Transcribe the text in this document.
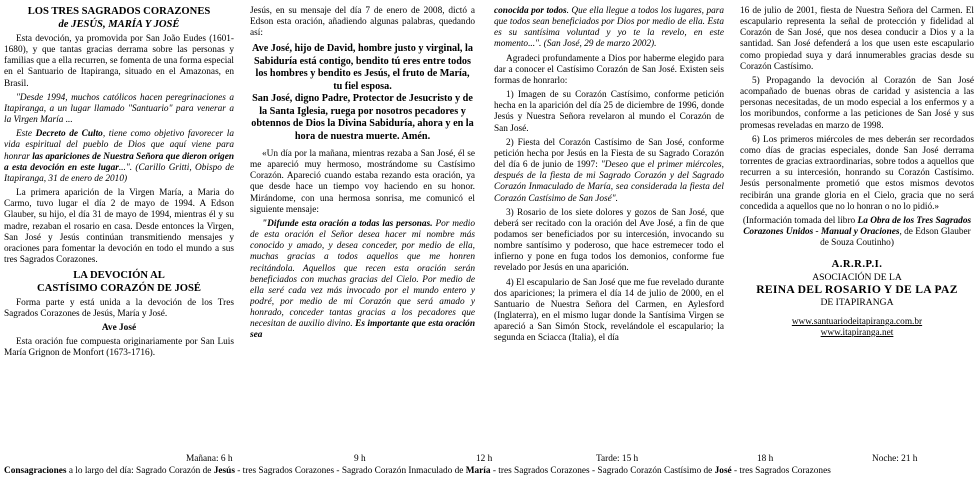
LOS TRES SAGRADOS CORAZONES
de JESÚS, MARÍA Y JOSÉ

Esta devoción, ya promovida por San João Eudes (1601-1680), y que tantas gracias derrama sobre las personas y familias que a ella recurren, se fomenta de una forma especial en el Santuario de Itapiranga, situado en el Amazonas, en Brasil.

"Desde 1994, muchos católicos hacen peregrinaciones a Itapiranga, a un lugar llamado "Santuario" para venerar a la Virgen María ...

Este Decreto de Culto, tiene como objetivo favorecer la vida espiritual del pueblo de Dios que aquí viene para honrar las apariciones de Nuestra Señora que dieron origen a esta devoción en este lugar...". (Carillo Gritti, Obispo de Itapiranga, 31 de enero de 2010)

La primera aparición de la Virgen María, a Maria do Carmo, tuvo lugar el día 2 de mayo de 1994. A Edson Glauber, su hijo, el día 31 de mayo de 1994, mientras él y su madre, rezaban el rosario en casa. Desde entonces la Virgen, San José y Jesús continúan transmitiendo mensajes y oraciones para fomentar la devoción en todo el mundo a sus tres Sagrados Corazones.

LA DEVOCIÓN AL
CASTÍSIMO CORAZÓN DE JOSÉ

Forma parte y está unida a la devoción de los Tres Sagrados Corazones de Jesús, María y José.

Ave José

Esta oración fue compuesta originariamente por San Luis María Grignon de Monfort (1673-1716).

Jesús, en su mensaje del día 7 de enero de 2008, dictó a Edson esta oración, añadiendo algunas palabras, quedando así:

Ave José, hijo de David, hombre justo y virginal, la Sabiduría está contigo, bendito tú eres entre todos los hombres y bendito es Jesús, el fruto de María, tu fiel esposa.
San José, digno Padre, Protector de Jesucristo y de la Santa Iglesia, ruega por nosotros pecadores y obtennos de Dios la Divina Sabiduría, ahora y en la hora de nuestra muerte. Amén.

«Un día por la mañana, mientras rezaba a San José, él se me apareció muy hermoso, mostrándome su Castísimo Corazón. Apareció cuando estaba rezando esta oración, ya que desde hace un tiempo voy haciendo en su honor. Mirándome, con una hermosa sonrisa, me comunicó el siguiente mensaje:

"Difunde esta oración a todas las personas. Por medio de esta oración el Señor desea hacer mi nombre más conocido y amado, y desea conceder, por medio de ella, muchas gracias a todos aquellos que me honren recitándola. Aquellos que recen esta oración serán beneficiados con muchas gracias del Cielo. Por medio de ella seré cada vez más invocado por el mundo entero y podré, por medio de mi Corazón que será amado y honrado, conceder tantas gracias a los pecadores que necesitan de auxilio divino. Es importante que esta oración sea

conocida por todos. Que ella llegue a todos los lugares, para que todos sean beneficiados por Dios por medio de ella. Esta es su santísima voluntad y yo te la revelo, en este momento...". (San José, 29 de marzo 2002).

Agradeci profundamente a Dios por haberme elegido para dar a conocer el Castísimo Corazón de San José. Existen seis formas de honrarlo:

1) Imagen de su Corazón Castísimo, conforme petición hecha en la aparición del día 25 de diciembre de 1996, donde Jesús y Nuestra Señora revelaron al mundo el Corazón de San José.

2) Fiesta del Corazón Castísimo de San José, conforme petición hecha por Jesús en la Fiesta de su Sagrado Corazón del día 6 de junio de 1997: "Deseo que el primer miércoles, después de la fiesta de mi Sagrado Corazón y del Sagrado Corazón Inmaculado de María, sea considerada la fiesta del Corazón Castísimo de San José".

3) Rosario de los siete dolores y gozos de San José, que deberá ser recitado con la oración del Ave José, a fin de que podamos ser beneficiados por su intercesión, invocando su nombre santísimo y poderoso, que hace estremecer todo el infierno y pone en fuga todos los demonios, conforme fue revelado por Jesús en una aparición.

4) El escapulario de San José que me fue revelado durante dos apariciones; la primera el día 14 de julio de 2000, en el Santuario de Nuestra Señora del Carmen, en Aylesford (Inglaterra), en el mismo lugar donde la Santísima Virgen se apareció a San Simón Stock, revelándole el escapulario; la segunda en Sciacca (Italia), el día

16 de julio de 2001, fiesta de Nuestra Señora del Carmen. El escapulario representa la señal de protección y fidelidad al Corazón de San José, que nos desea conducir a Dios y a la santidad. San José defenderá a los que usen este escapulario como propiedad suya y dará innumerables gracias desde su Corazón Castísimo.

5) Propagando la devoción al Corazón de San José acompañado de buenas obras de caridad y asistencia a las personas necesitadas, de un modo especial a los enfermos y a los moribundos, conforme a las peticiones de San José y sus promesas reveladas en marzo de 1998.

6) Los primeros miércoles de mes deberán ser recordados como días de gracias especiales, donde San José derrama torrentes de gracias extraordinarias, sobre todos a aquellos que recurren a su intercesión, honrando su Corazón Castísimo. Jesús personalmente prometió que estos mismos devotos recibirán una grande gloria en el Cielo, gracia que no será concedida a aquellos que no lo honran o no lo pidió.»

(Información tomada del libro La Obra de los Tres Sagrados Corazones Unidos - Manual y Oraciones, de Edson Glauber de Souza Coutinho)

A.R.R.P.I.
ASOCIACIÓN DE LA
REINA DEL ROSARIO Y DE LA PAZ
DE ITAPIRANGA
www.santuariodeitapiranga.com.br
www.itapiranga.net
Mañana: 6 h	9 h	12 h	Tarde: 15 h	18 h	Noche: 21 h
Consagraciones a lo largo del día: Sagrado Corazón de Jesús - tres Sagrados Corazones - Sagrado Corazón Inmaculado de María - tres Sagrados Corazones - Sagrado Corazón Castísimo de José - tres Sagrados Corazones
